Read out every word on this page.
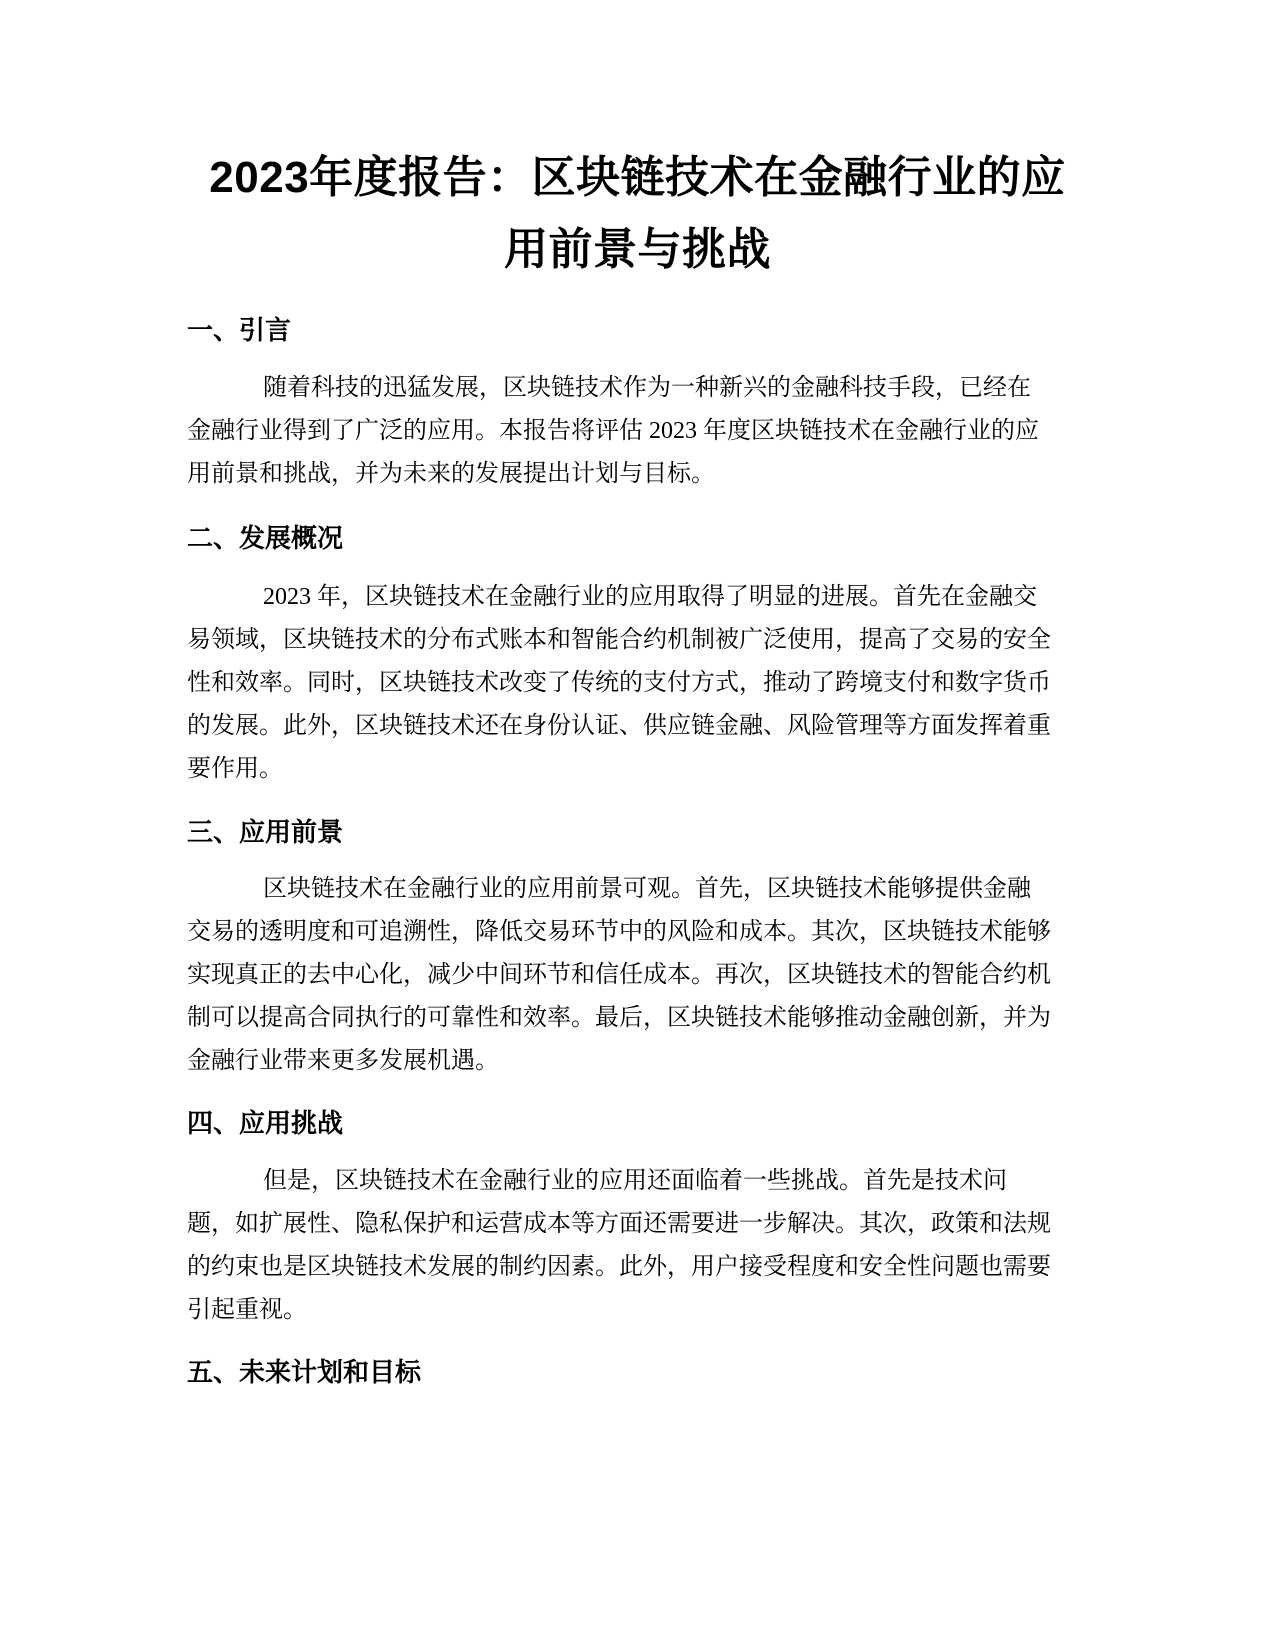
2023年度报告：区块链技术在金融行业的应
用前景与挑战
一、引言
随着科技的迅猛发展，区块链技术作为一种新兴的金融科技手段，已经在
金融行业得到了广泛的应用。本报告将评估 2023 年度区块链技术在金融行业的应
用前景和挑战，并为未来的发展提出计划与目标。
二、发展概况
2023 年，区块链技术在金融行业的应用取得了明显的进展。首先在金融交
易领域，区块链技术的分布式账本和智能合约机制被广泛使用，提高了交易的安全
性和效率。同时，区块链技术改变了传统的支付方式，推动了跨境支付和数字货币
的发展。此外，区块链技术还在身份认证、供应链金融、风险管理等方面发挥着重
要作用。
三、应用前景
区块链技术在金融行业的应用前景可观。首先，区块链技术能够提供金融
交易的透明度和可追溯性，降低交易环节中的风险和成本。其次，区块链技术能够
实现真正的去中心化，减少中间环节和信任成本。再次，区块链技术的智能合约机
制可以提高合同执行的可靠性和效率。最后，区块链技术能够推动金融创新，并为
金融行业带来更多发展机遇。
四、应用挑战
但是，区块链技术在金融行业的应用还面临着一些挑战。首先是技术问
题，如扩展性、隐私保护和运营成本等方面还需要进一步解决。其次，政策和法规
的约束也是区块链技术发展的制约因素。此外，用户接受程度和安全性问题也需要
引起重视。
五、未来计划和目标
